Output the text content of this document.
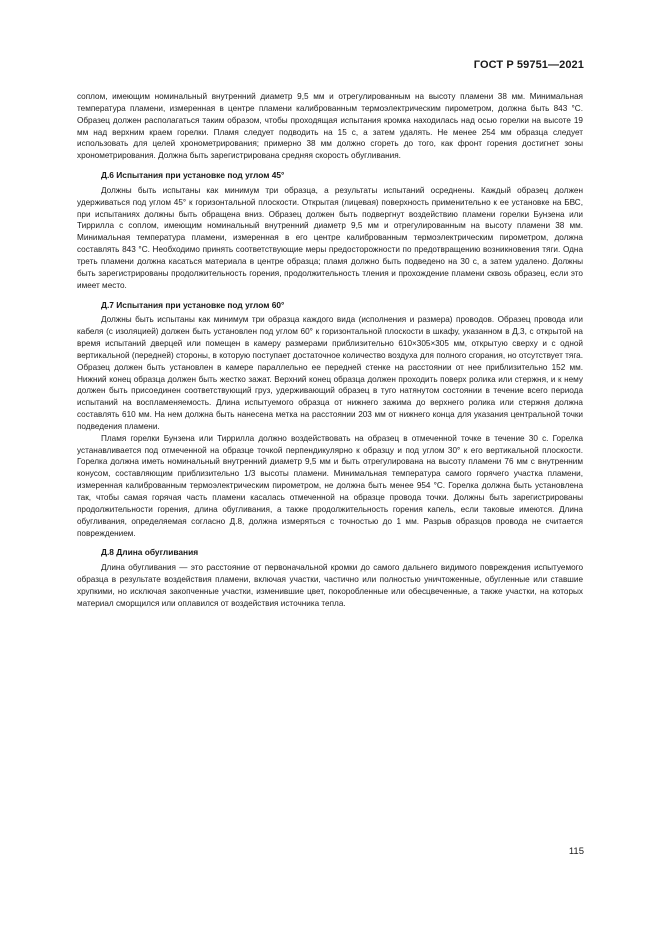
ГОСТ Р 59751—2021

соплом, имеющим номинальный внутренний диаметр 9,5 мм и отрегулированным на высоту пламени 38 мм. Минимальная температура пламени, измеренная в центре пламени калиброванным термоэлектрическим пирометром, должна быть 843 °С. Образец должен располагаться таким образом, чтобы проходящая испытания кромка находилась над осью горелки на высоте 19 мм над верхним краем горелки. Пламя следует подводить на 15 с, а затем удалять. Не менее 254 мм образца следует использовать для целей хронометрирования; примерно 38 мм должно сгореть до того, как фронт горения достигнет зоны хронометрирования. Должна быть зарегистрирована средняя скорость обугливания.

Д.6 Испытания при установке под углом 45°

Должны быть испытаны как минимум три образца, а результаты испытаний осреднены. Каждый образец должен удерживаться под углом 45° к горизонтальной плоскости. Открытая (лицевая) поверхность применительно к ее установке на БВС, при испытаниях должны быть обращена вниз. Образец должен быть подвергнут воздействию пламени горелки Бунзена или Тиррилла с соплом, имеющим номинальный внутренний диаметр 9,5 мм и отрегулированным на высоту пламени 38 мм. Минимальная температура пламени, измеренная в его центре калиброванным термоэлектрическим пирометром, должна составлять 843 °С. Необходимо принять соответствующие меры предосторожности по предотвращению возникновения тяги. Одна треть пламени должна касаться материала в центре образца; пламя должно быть подведено на 30 с, а затем удалено. Должны быть зарегистрированы продолжительность горения, продолжительность тления и прохождение пламени сквозь образец, если это имеет место.

Д.7 Испытания при установке под углом 60°

Должны быть испытаны как минимум три образца каждого вида (исполнения и размера) проводов. Образец провода или кабеля (с изоляцией) должен быть установлен под углом 60° к горизонтальной плоскости в шкафу, указанном в Д.3, с открытой на время испытаний дверцей или помещен в камеру размерами приблизительно 610×305×305 мм, открытую сверху и с одной вертикальной (передней) стороны, в которую поступает достаточное количество воздуха для полного сгорания, но отсутствует тяга. Образец должен быть установлен в камере параллельно ее передней стенке на расстоянии от нее приблизительно 152 мм. Нижний конец образца должен быть жестко зажат. Верхний конец образца должен проходить поверх ролика или стержня, и к нему должен быть присоединен соответствующий груз, удерживающий образец в туго натянутом состоянии в течение всего периода испытаний на воспламеняемость. Длина испытуемого образца от нижнего зажима до верхнего ролика или стержня должна составлять 610 мм. На нем должна быть нанесена метка на расстоянии 203 мм от нижнего конца для указания центральной точки подведения пламени.

Пламя горелки Бунзена или Тиррилла должно воздействовать на образец в отмеченной точке в течение 30 с. Горелка устанавливается под отмеченной на образце точкой перпендикулярно к образцу и под углом 30° к его вертикальной плоскости. Горелка должна иметь номинальный внутренний диаметр 9,5 мм и быть отрегулирована на высоту пламени 76 мм с внутренним конусом, составляющим приблизительно 1/3 высоты пламени. Минимальная температура самого горячего участка пламени, измеренная калиброванным термоэлектрическим пирометром, не должна быть менее 954 °С. Горелка должна быть установлена так, чтобы самая горячая часть пламени касалась отмеченной на образце провода точки. Должны быть зарегистрированы продолжительности горения, длина обугливания, а также продолжительность горения капель, если таковые имеются. Длина обугливания, определяемая согласно Д.8, должна измеряться с точностью до 1 мм. Разрыв образцов провода не считается повреждением.

Д.8 Длина обугливания

Длина обугливания — это расстояние от первоначальной кромки до самого дальнего видимого повреждения испытуемого образца в результате воздействия пламени, включая участки, частично или полностью уничтоженные, обугленные или ставшие хрупкими, но исключая закопченные участки, изменившие цвет, покоробленные или обесцвеченные, а также участки, на которых материал сморщился или оплавился от воздействия источника тепла.

115
